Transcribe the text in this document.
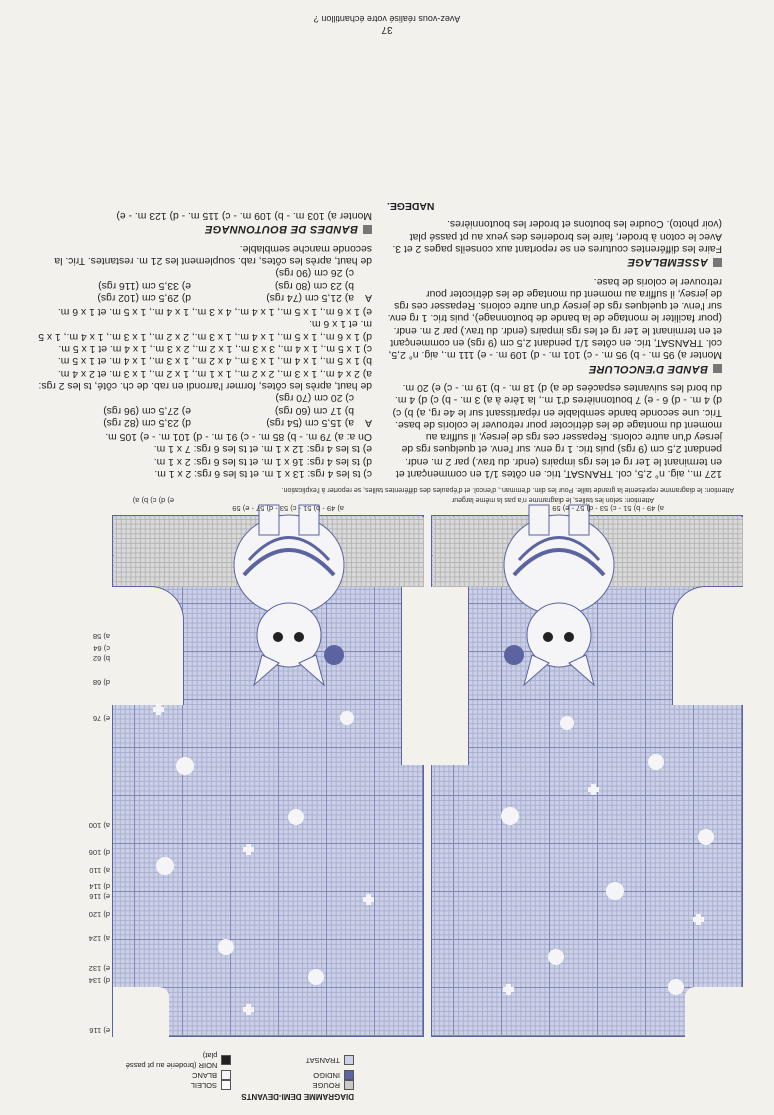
c) ts les 4 rgs: 13 x 1 m. et ts les 6 rgs: 2 x 1 m.

d) ts les 4 rgs: 16 x 1 m. et ts les 6 rgs: 2 x 1 m.

e) ts les 4 rgs: 12 x 1 m. et ts les 6 rgs: 7 x 1 m.

On a: a) 79 m. - b) 85 m. - c) 91 m. - d) 101 m. - e) 105 m.

A
a) 15,5 cm (54 rgs)
d) 23,5 cm (82 rgs)
b) 17 cm (60 rgs)
e) 27,5 cm (96 rgs)
c) 20 cm (70 rgs)

de haut, après les côtes, former l'arrondi en rab. de ch. côté, ts les 2 rgs:

a) 2 x 4 m., 1 x 3 m., 2 x 2 m., 1 x 1 m., 1 x 2 m., 1 x 3 m. et 2 x 4 m.

b) 1 x 5 m., 1 x 4 m., 1 x 3 m., 4 x 2 m., 1 x 3 m., 1 x 4 m. et 1 x 5 m.

c) 1 x 5 m., 1 x 4 m., 3 x 3 m., 1 x 2 m., 2 x 3 m., 1 x 4 m. et 1 x 5 m.

d) 1 x 6 m., 1 x 5 m., 1 x 4 m., 1 x 3 m., 2 x 2 m., 1 x 3 m., 1 x 4 m., 1 x 5 m. et 1 x 6 m.

e) 1 x 6 m., 1 x 5 m., 1 x 4 m., 4 x 3 m., 1 x 4 m., 1 x 5 m. et 1 x 6 m.

A
a) 21,5 cm (74 rgs)
d) 29,5 cm (102 rgs)
b) 23 cm (80 rgs)
e) 33,5 cm (116 rgs)
c) 26 cm (90 rgs)

de haut, après les côtes, rab. souplement les 21 m. restantes. Tric. la seconde manche semblable.

BANDES DE BOUTONNAGE

Monter a) 103 m. - b) 109 m. - c) 115 m. - d) 123 m. - e)

127 m., aig. n° 2,5, col. TRANSAT, tric. en côtes 1/1 en commençant et en terminant le 1er rg et les rgs impairs (endr. du trav.) par 2 m. endr. pendant 2,5 cm (9 rgs) puis tric. 1 rg env. sur l'env. et quelques rgs de jersey d'un autre coloris. Repasser ces rgs de jersey, il suffira au moment du montage de les détricoter pour retrouver le coloris de base. Tric. une seconde bande semblable en répartissant sur le 4e rg, a) b) c) d) 4 m. - d) 6 - e) 7 boutonnières d'1 m., la 1ère à a) 3 m. - b) c) d) 4 m. du bord les suivantes espacées de a) d) 18 m. - b) 19 m. - c) e) 20 m.

BANDE D'ENCOLURE

Monter a) 95 m. - b) 95 m. - c) 101 m. - d) 109 m. - e) 111 m., aig. n° 2,5, col. TRANSAT, tric. en côtes 1/1 pendant 2,5 cm (9 rgs) en commençant et en terminant le 1er rg et les rgs impairs (endr. du trav.) par 2 m. endr. (pour faciliter le montage de la bande de boutonnage), puis tric. 1 rg env. sur l'env. et quelques rgs de jersey d'un autre coloris. Repasser ces rgs de jersey, il suffira au moment du montage de les détricoter pour retrouver le coloris de base.

ASSEMBLAGE

Faire les différentes coutures en se reportant aux conseils pages 2 et 3. Avec le coton à broder, faire les broderies des yeux au pt passé plat (voir photo). Coudre les boutons et broder les boutonnières.

NADEGE.

37
Avez-vous réalisé votre échantillon ?
DIAGRAMME DEMI-DEVANTS
ROUGE
SOLEIL
INDIGO
BLANC
TRANSAT
NOIR (broderie au pt passé plat)
a) 49 - b) 51 - c) 53 - d) 57 - e) 59
a) 49 - b) 51 - c) 53 - d) 57 - e) 59
Attention: le diagramme représente la grande taille. Pour les dim. d'emman., d'encol. et d'épaules des différentes tailles, se reporter à l'explication.
Attention: selon les tailles, le diagramme n'a pas la même largeur
e) 116
d) 134
e) 132
a) 124
d) 120
e) 116
d) 114
a) 110
d) 106
a) 100
e) 76
d) 68
b) 62
c) 64
a) 58
e) d) c) b) a)
